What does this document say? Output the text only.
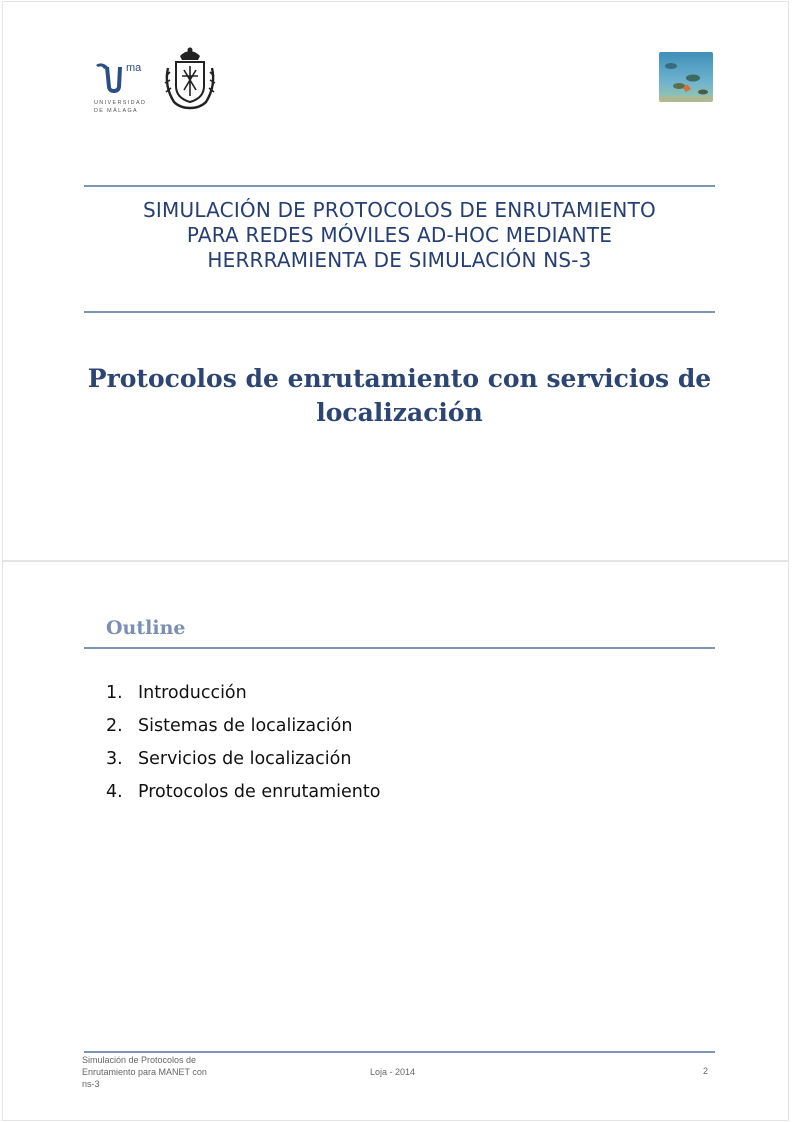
ma
UNIVERSIDAD
DE MÁLAGA
SIMULACIÓN DE PROTOCOLOS DE ENRUTAMIENTO
PARA REDES MÓVILES AD-HOC MEDIANTE
HERRRAMIENTA DE SIMULACIÓN NS-3
Protocolos de enrutamiento con servicios de
localización
Outline
1. Introducción
2. Sistemas de localización
3. Servicios de localización
4. Protocolos de enrutamiento
Simulación de Protocolos de
Enrutamiento para MANET con
ns-3
Loja - 2014	2
